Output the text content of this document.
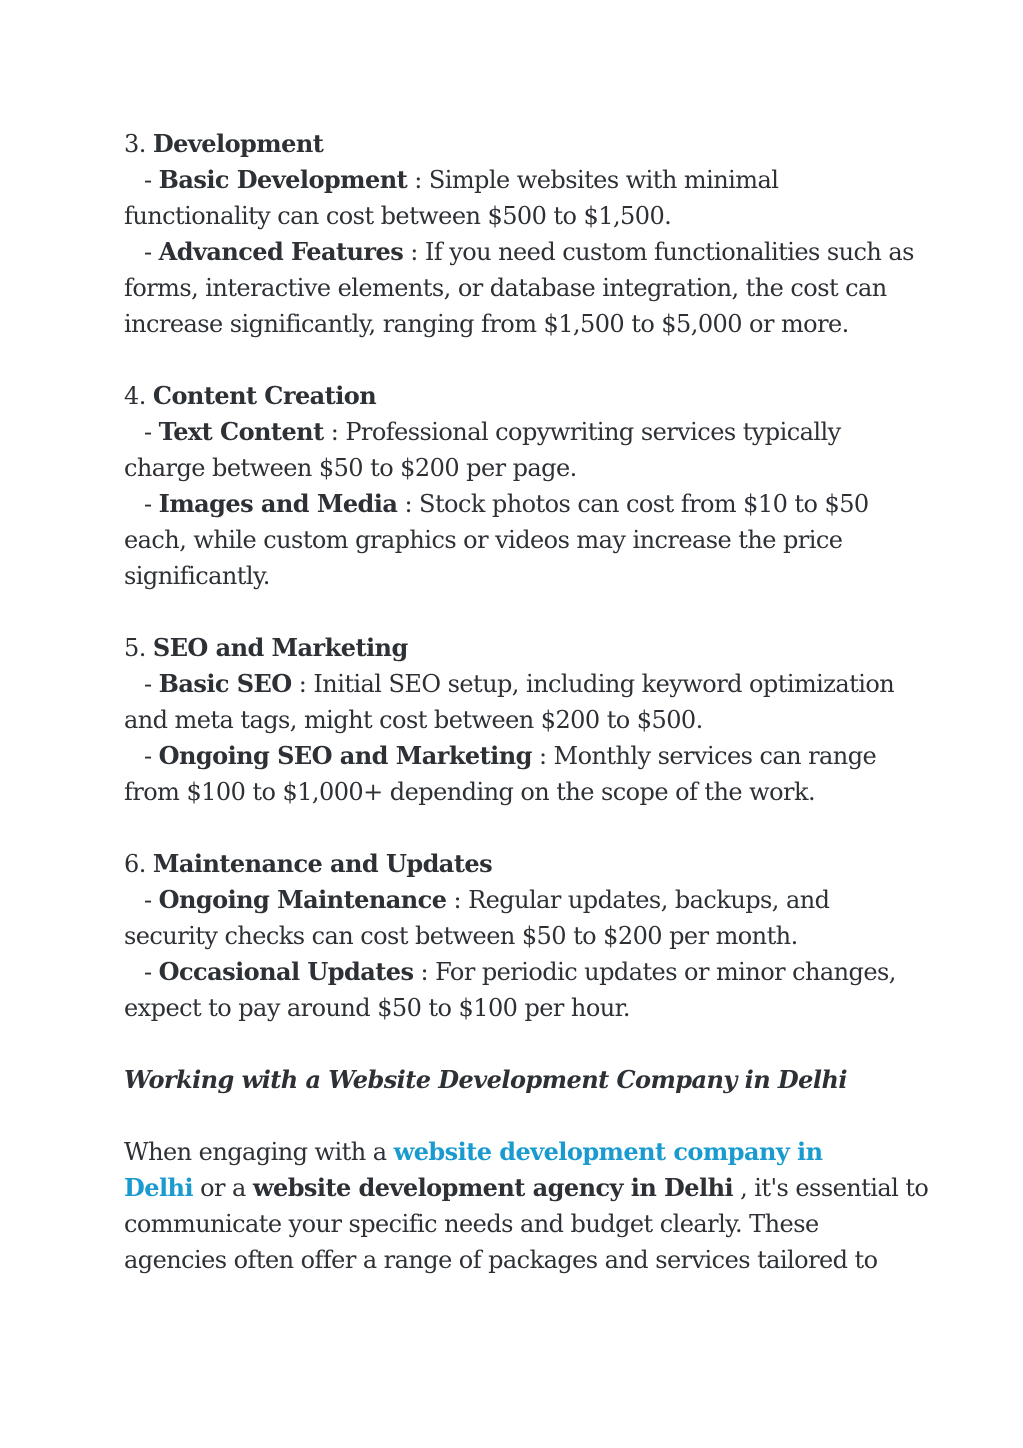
3. Development
- Basic Development : Simple websites with minimal
functionality can cost between $500 to $1,500.
- Advanced Features : If you need custom functionalities such as
forms, interactive elements, or database integration, the cost can
increase significantly, ranging from $1,500 to $5,000 or more.
4. Content Creation
- Text Content : Professional copywriting services typically
charge between $50 to $200 per page.
- Images and Media : Stock photos can cost from $10 to $50
each, while custom graphics or videos may increase the price
significantly.
5. SEO and Marketing
- Basic SEO : Initial SEO setup, including keyword optimization
and meta tags, might cost between $200 to $500.
- Ongoing SEO and Marketing : Monthly services can range
from $100 to $1,000+ depending on the scope of the work.
6. Maintenance and Updates
- Ongoing Maintenance : Regular updates, backups, and
security checks can cost between $50 to $200 per month.
- Occasional Updates : For periodic updates or minor changes,
expect to pay around $50 to $100 per hour.
Working with a Website Development Company in Delhi
When engaging with a website development company in
Delhi or a website development agency in Delhi , it's essential to
communicate your specific needs and budget clearly. These
agencies often offer a range of packages and services tailored to
